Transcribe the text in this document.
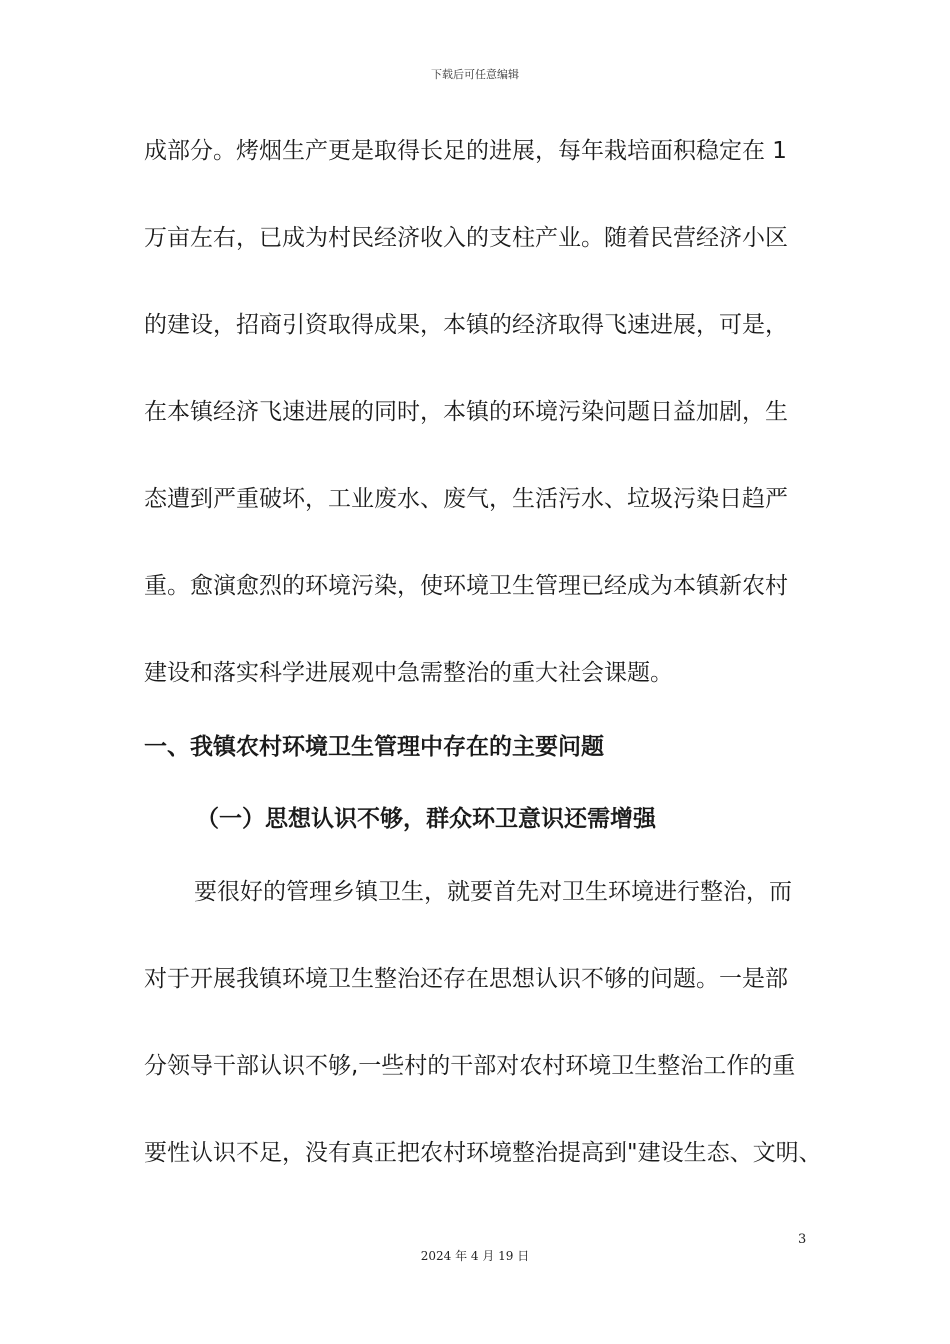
下载后可任意编辑
成部分。烤烟生产更是取得长足的进展，每年栽培面积稳定在 1
万亩左右，已成为村民经济收入的支柱产业。随着民营经济小区
的建设，招商引资取得成果，本镇的经济取得飞速进展，可是，
在本镇经济飞速进展的同时，本镇的环境污染问题日益加剧，生
态遭到严重破坏，工业废水、废气，生活污水、垃圾污染日趋严
重。愈演愈烈的环境污染，使环境卫生管理已经成为本镇新农村
建设和落实科学进展观中急需整治的重大社会课题。
一、我镇农村环境卫生管理中存在的主要问题
（一）思想认识不够，群众环卫意识还需增强
要很好的管理乡镇卫生，就要首先对卫生环境进行整治，而
对于开展我镇环境卫生整治还存在思想认识不够的问题。一是部
分领导干部认识不够,一些村的干部对农村环境卫生整治工作的重
要性认识不足，没有真正把农村环境整治提高到"建设生态、文明、
3
2024 年 4 月 19 日
